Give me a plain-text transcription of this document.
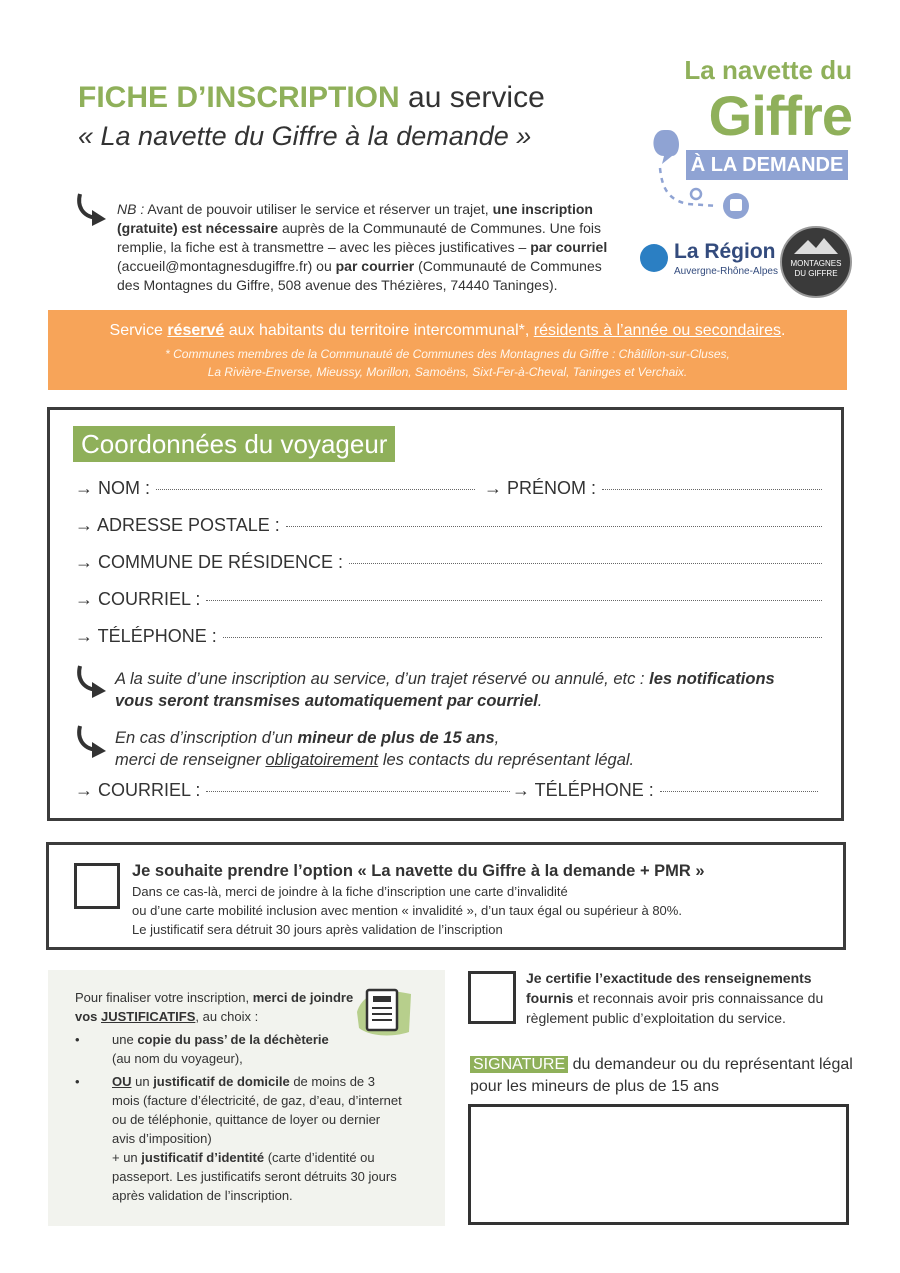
FICHE D’INSCRIPTION au service
« La navette du Giffre à la demande »
NB : Avant de pouvoir utiliser le service et réserver un trajet, une inscription (gratuite) est nécessaire auprès de la Communauté de Communes. Une fois remplie, la fiche est à transmettre – avec les pièces justificatives – par courriel (accueil@montagnesdugiffre.fr) ou par courrier (Communauté de Communes des Montagnes du Giffre, 508 avenue des Thézières, 74440 Taninges).
La navette du
Giffre
À LA DEMANDE
La Région
Auvergne-Rhône-Alpes
MONTAGNES DU GIFFRE
Service réservé aux habitants du territoire intercommunal*, résidents à l’année ou secondaires.
* Communes membres de la Communauté de Communes des Montagnes du Giffre : Châtillon-sur-Cluses,
La Rivière-Enverse, Mieussy, Morillon, Samoëns, Sixt-Fer-à-Cheval, Taninges et Verchaix.
Coordonnées du voyageur
→ NOM :	→ PRÉNOM :
→ ADRESSE POSTALE :
→ COMMUNE DE RÉSIDENCE :
→ COURRIEL :
→ TÉLÉPHONE :
A la suite d’une inscription au service, d’un trajet réservé ou annulé, etc : les notifications vous seront transmises automatiquement par courriel.
En cas d’inscription d’un mineur de plus de 15 ans,
merci de renseigner obligatoirement les contacts du représentant légal.
→ COURRIEL :	→ TÉLÉPHONE :
Je souhaite prendre l’option « La navette du Giffre à la demande + PMR »
Dans ce cas-là, merci de joindre à la fiche d’inscription une carte d’invalidité
ou d’une carte mobilité inclusion avec mention « invalidité », d’un taux égal ou supérieur à 80%.
Le justificatif sera détruit 30 jours après validation de l’inscription
Pour finaliser votre inscription, merci de joindre vos JUSTIFICATIFS, au choix :
• une copie du pass’ de la déchèterie
(au nom du voyageur),
• OU un justificatif de domicile de moins de 3 mois (facture d’électricité, de gaz, d’eau, d’internet ou de téléphonie, quittance de loyer ou dernier avis d’imposition)
+ un justificatif d’identité (carte d’identité ou passeport. Les justificatifs seront détruits 30 jours après validation de l’inscription.
Je certifie l’exactitude des renseignements fournis et reconnais avoir pris connaissance du règlement public d’exploitation du service.
SIGNATURE du demandeur ou du représentant légal pour les mineurs de plus de 15 ans
